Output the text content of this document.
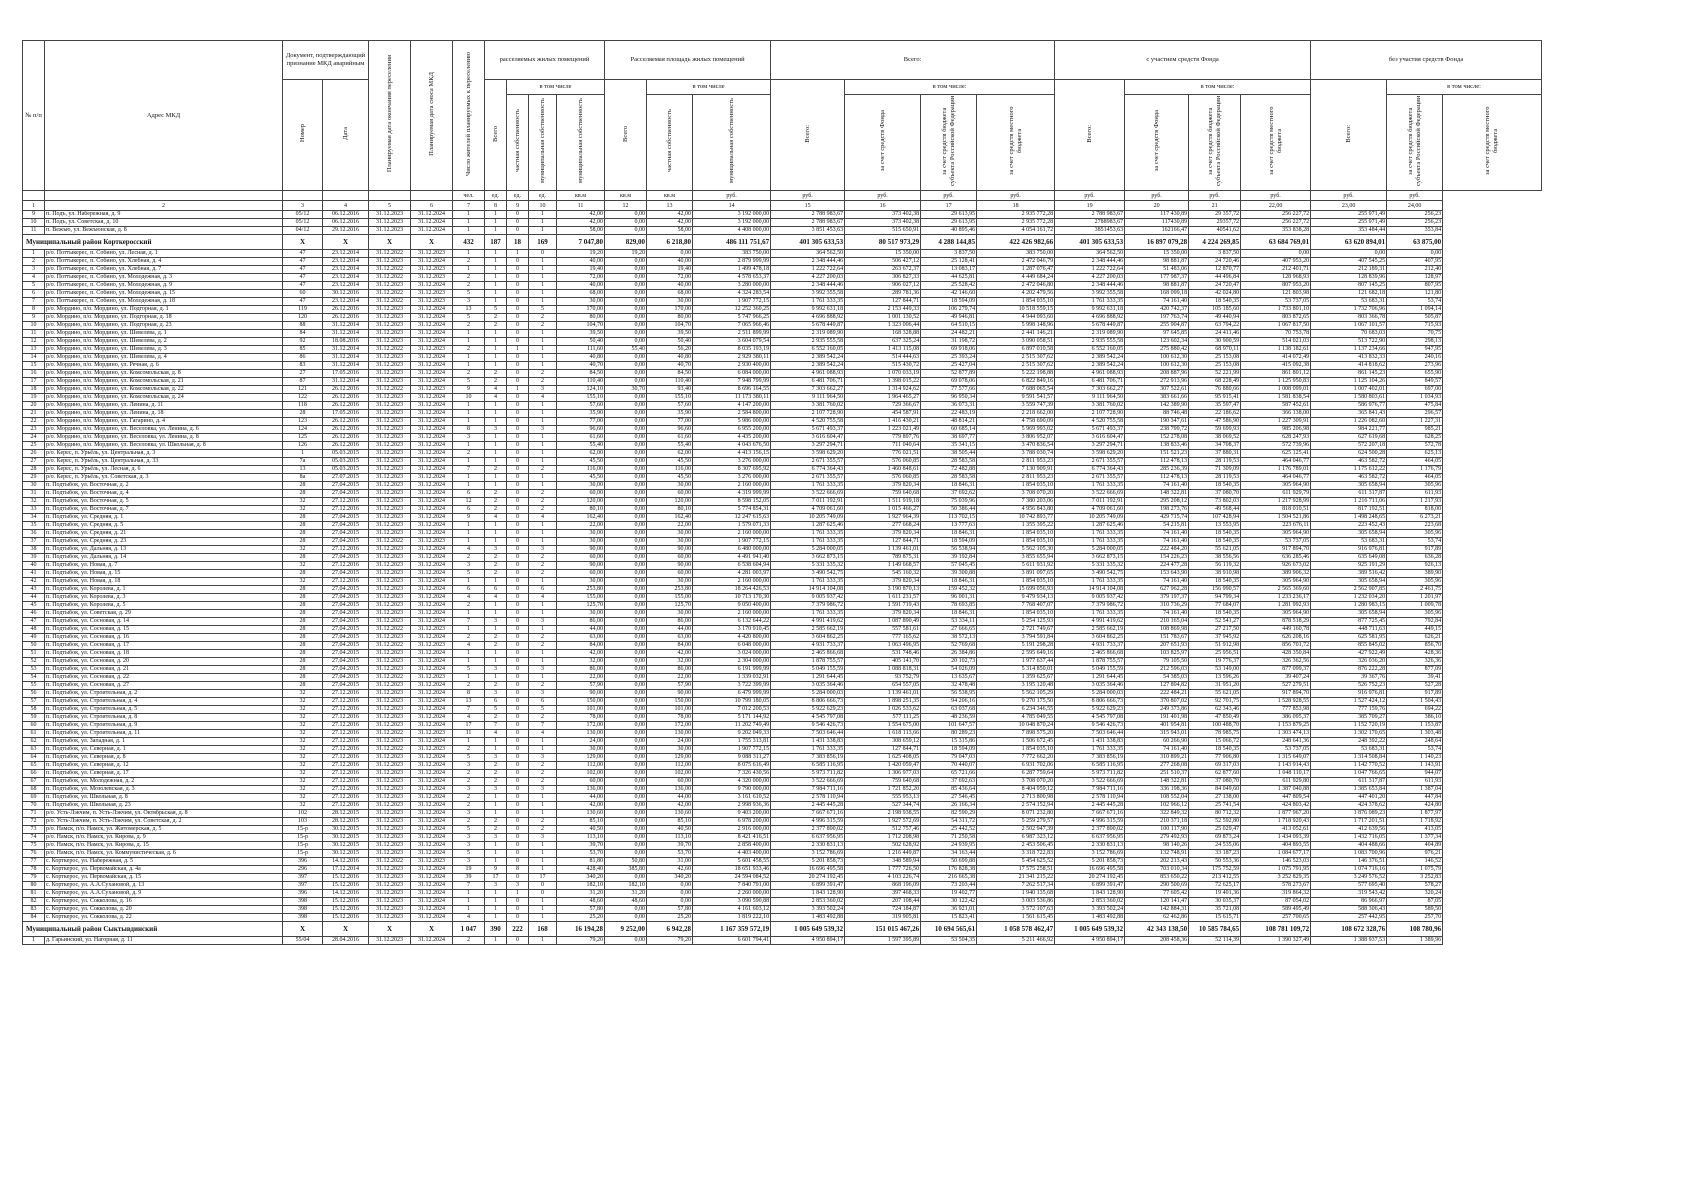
№ п/п	Адрес МКД	Документ, подтверждающий признание МКД аварийным		Планируемая дата окончания переселения	Планируемая дата сноса МКД	Число жителей планируемых к переселению	расселяемых жилых помещений				Расселяемая площадь жилых помещений			Всего:				с участием средств Фонда				без участия средств Фонда		
		Номер	Дата				Всего	в том числе			Всего	в том числе		Всего:	в том числе:			Всего:	в том числе:			Всего:	в том числе:	
								частная собственность	муниципальная собственность	муниципальная собственность		частная собственность	муниципальная собственность		за счет средств Фонда	за счет средств бюджета субъекта Российской Федерации	за счет средств местного бюджета		за счет средств Фонда	за счет средств бюджета субъекта Российской Федерации	за счет средств местного бюджета		за счет средств бюджета субъекта Российской Федерации	за счет средств местного бюджета
						чел.	ед.	ед.	ед.	кв.м	кв.м	кв.м	руб.	руб.	руб.	руб.	руб.	руб.	руб.	руб.	руб.	руб.	руб.	
1	2	3	4	5	6	7	8	9	10	11	12	13	14	15	16	17	18	19	20	21	22,00	23,00	24,00	
9	п. Подъ, ул. Набережная, д. 9	05/12	06.12.2016	31.12.2023	31.12.2024	1	1	0	1	42,00	0,00	42,00	3 192 000,00	2 788 983,67	373 402,38	29 613,95	2 935 772,28	2 788 983,67	117 430,89	29 357,72	256 227,72	255 971,49	256,23	
10	п. Подъ, ул. Советская, д. 10	05/12	06.12.2016	31.12.2023	31.12.2024	1	1	0	1	42,00	0,00	42,00	3 192 000,00	2 788 983,67	373 402,38	29 613,95	2 935 772,28	2788983,67	117430,89	29357,72	256 227,72	255 971,49	256,23	
11	п. Вежъю, ул. Вежъюнская, д. 8	04/12	29.12.2016	31.12.2023	31.12.2024	1	1	0	1	58,00	0,00	58,00	4 408 000,00	3 851 453,63	515 650,91	40 895,46	4 054 161,72	3851453,63	162166,47	40541,62	353 838,28	353 484,44	353,84	
Муниципальный район Корткеросский		X	X	X	X	432	187	18	169	7 047,80	829,00	6 218,80	486 111 751,67	401 305 633,53	80 517 973,29	4 288 144,85	422 426 982,66	401 305 633,53	16 897 079,28	4 224 269,85	63 684 769,01	63 620 894,01	63 875,00	
1	р/о. Поттыкерес, п. Собино, ул. Лесная, д. 1	47	23.12.2014	31.12.2022	31.12.2023	1	1	1	0	19,20	19,20	0,00	383 750,00	364 562,50	15 350,00	3 837,50	383 750,00	364 562,50	15 350,00	3 837,50	0,00	0,00	0,00	
2	р/о. Поттыкерес, п. Собино, ул. Хлебная, д. 4	47	23.12.2014	31.12.2023	31.12.2024	2	1	0	1	40,00	0,00	40,00	2 879 999,99	2 348 444,46	506 427,12	25 128,41	2 472 046,79	2 348 444,46	98 881,87	24 720,46	407 953,20	407 545,25	407,95	
3	р/о. Поттыкерес, п. Собино, ул. Хлебная, д. 7	47	23.12.2014	31.12.2022	31.12.2023	1	1	0	1	19,40	0,00	19,40	1 499 478,18	1 222 722,64	263 672,37	13 083,17	1 287 076,47	1 222 722,64	51 483,06	12 870,77	212 401,71	212 189,31	212,40	
4	р/о. Поттыкерес, п. Собино, ул. Молодежная, д. 3	47	23.12.2014	31.12.2022	31.12.2023	2	1	0	1	72,00	0,00	72,00	4 578 653,37	4 227 200,03	306 827,33	44 625,81	4 449 684,24	4 227 200,03	177 987,37	44 496,84	128 968,93	128 839,96	128,97	
5	р/о. Поттыкерес, п. Собино, ул. Молодежная, д. 9	47	23.12.2014	31.12.2023	31.12.2024	2	1	0	1	40,00	0,00	40,00	3 280 000,00	2 348 444,46	906 027,12	25 528,42	2 472 046,80	2 348 444,46	98 881,87	24 720,47	807 953,20	807 145,25	807,95	
6	р/о. Поттыкерес, п. Собино, ул. Молодежная, д. 15	60	30.12.2016	31.12.2022	31.12.2023	5	1	0	1	68,00	0,00	68,00	4 324 283,54	3 992 355,58	289 781,36	42 146,60	4 202 479,56	3 992 355,58	168 099,18	42 024,80	121 803,98	121 682,18	121,80	
7	р/о. Поттыкерес, п. Собино, ул. Молодежная, д. 18	47	23.12.2014	31.12.2022	31.12.2023	3	1	0	1	30,00	0,00	30,00	1 907 772,15	1 761 333,35	127 844,71	18 594,09	1 854 035,10	1 761 333,35	74 161,40	18 540,35	53 737,05	53 683,31	53,74	
8	р/о. Мордино, п/о. Мордино, ул. Подгорная, д. 1	119	26.12.2016	31.12.2023	31.12.2024	13	5	0	5	170,00	0,00	170,00	12 252 360,25	9 992 631,18	2 153 449,33	106 279,74	10 518 559,15	9 992 631,18	420 742,37	105 185,60	1 733 801,10	1 732 706,96	1 094,14	
9	р/о. Мордино, п/о. Мордино, ул. Подгорная, д. 18	120	26.12.2016	31.12.2023	31.12.2024	5	2	0	2	80,00	0,00	80,00	5 747 966,25	4 696 888,92	1 001 130,52	49 946,81	4 944 093,60	4 696 888,92	197 763,74	49 440,94	803 872,65	803 366,78	505,87	
10	р/о. Мордино, п/о. Мордино, ул. Подгорная, д. 23	88	31.12.2014	31.12.2023	31.12.2024	2	2	0	2	104,70	0,00	104,70	7 065 966,46	5 678 449,87	1 323 006,44	64 510,15	5 998 148,96	5 678 449,87	255 904,87	63 794,22	1 067 817,50	1 067 101,57	715,93	
11	р/о. Мордино, п/о. Мордино, ул. Шевелева, д. 1	84	31.12.2014	31.12.2023	31.12.2024	1	1	0	1	39,50	0,00	39,50	2 511 899,99	2 319 089,90	168 328,88	24 482,21	2 441 146,21	2 319 089,90	97 645,85	24 411,46	70 753,78	70 683,03	70,75	
12	р/о. Мордино, п/о. Мордино, ул. Шевелева, д. 2	92	18.08.2016	31.12.2023	31.12.2024	1	1	0	1	50,40	0,00	50,40	3 604 079,54	2 935 555,58	637 325,24	31 198,72	3 090 058,51	2 935 555,58	123 602,34	30 900,59	514 021,03	513 722,90	298,13	
13	р/о. Мордино, п/о. Мордино, ул. Шевелева, д. 3	85	31.12.2014	31.12.2022	31.12.2023	2	1	1	1	111,60	55,40	56,20	8 035 193,19	6 552 160,05	1 413 115,08	69 918,06	6 897 010,58	6 552 160,05	275 880,42	68 970,11	1 138 182,61	1 137 234,66	947,95	
14	р/о. Мордино, п/о. Мордино, ул. Шевелева, д. 4	86	31.12.2014	31.12.2023	31.12.2024	1	1	0	1	40,80	0,00	40,80	2 929 380,11	2 389 542,24	514 444,63	25 393,24	2 515 307,62	2 389 542,24	100 612,30	25 153,08	414 072,49	413 832,33	240,16	
15	р/о. Мордино, п/о. Мордино, ул. Речная, д. 6	83	31.12.2014	31.12.2023	31.12.2024	1	1	0	1	40,70	0,00	40,70	2 930 400,00	2 389 542,24	515 430,72	25 427,04	2 515 307,62	2 389 542,24	100 612,30	25 153,08	415 092,38	414 818,62	273,96	
16	р/о. Мордино, п/о. Мордино, ул. Комсомольская, д. 8	27	17.05.2016	31.12.2023	31.12.2024	2	2	0	2	84,50	0,00	84,50	6 084 000,00	4 961 088,93	1 070 033,19	52 877,89	5 222 198,88	4 961 088,93	208 887,96	52 221,99	861 801,12	861 145,23	655,90	
17	р/о. Мордино, п/о. Мордино, ул. Комсомольская, д. 21	87	31.12.2014	31.12.2023	31.12.2024	5	2	0	2	110,40	0,00	110,40	7 948 799,99	6 481 706,71	1 398 015,22	69 078,06	6 822 849,16	6 481 706,71	272 913,96	68 228,49	1 125 950,83	1 125 104,26	849,57	
18	р/о. Мордино, п/о. Мордино, ул. Комсомольская, д. 22	121	26.12.2016	31.12.2022	31.12.2023	9	4	1	3	124,10	30,70	93,40	8 696 164,55	7 303 662,27	1 314 924,62	77 577,66	7 688 065,54	7 303 662,27	307 522,61	76 880,66	1 008 099,01	1 007 402,01	697,00	
19	р/о. Мордино, п/о. Мордино, ул. Комсомольская, д. 24	122	26.12.2016	31.12.2023	31.12.2024	10	4	0	4	155,10	0,00	155,10	11 173 380,11	9 111 964,50	1 964 465,27	96 950,34	9 591 541,57	9 111 964,50	383 661,66	95 915,41	1 581 838,54	1 580 803,61	1 034,93	
20	р/о. Мордино, п/о. Мордино, ул. Ленина, д. 11	118	26.12.2016	31.12.2023	31.12.2024	1	1	0	1	57,60	0,00	57,60	4 147 200,00	3 381 760,02	729 366,67	36 073,31	3 559 747,39	3 381 760,02	142 389,90	35 597,47	587 452,61	586 976,77	475,84	
21	р/о. Мордино, п/о. Мордино, ул. Ленина, д. 18	28	17.05.2016	31.12.2023	31.12.2024	1	1	0	1	35,90	0,00	35,90	2 584 800,00	2 107 728,90	454 587,91	22 483,19	2 218 662,00	2 107 728,90	88 746,48	22 186,62	366 138,00	365 841,43	296,57	
22	р/о. Мордино, п/о. Мордино, ул. Гагарино, д. 4	123	26.12.2016	31.12.2023	31.12.2024	1	1	0	1	77,00	0,00	77,00	5 986 000,00	4 520 755,58	1 416 430,21	48 814,21	4 758 690,09	4 520 755,58	190 347,61	47 586,90	1 227 309,91	1 226 082,60	1 227,31	
23	р/о. Мордино, п/о. Мордино, ул. Веселовка, ул. Ленина, д. 6	124	26.12.2016	31.12.2023	31.12.2024	8	3	0	3	96,60	0,00	96,60	6 955 200,00	5 671 493,37	1 223 021,49	60 685,14	5 969 993,02	5 671 493,37	238 799,72	59 699,93	985 206,98	984 221,77	985,21	
24	р/о. Мордино, п/о. Мордино, ул. Веселовка, ул. Ленина, д. 8	125	26.12.2016	31.12.2023	31.12.2024	3	1	0	1	61,60	0,00	61,60	4 435 200,00	3 616 604,47	779 897,76	38 697,77	3 806 952,07	3 616 604,47	152 278,08	38 069,52	628 247,93	627 619,68	628,25	
25	р/о. Мордино, п/о. Мордино, ул. Веселовка, ул. Школьная, д. 8	126	26.12.2016	31.12.2023	31.12.2024	1	1	0	1	55,40	0,00	55,40	4 043 676,50	3 297 294,71	711 040,64	35 341,15	3 470 836,54	3 297 294,71	138 833,46	34 708,37	572 739,96	572 207,18	572,78	
26	р/о. Керес, п. Урьёль, ул. Центральная, д. 3	1	05.03.2015	31.12.2023	31.12.2024	2	1	0	1	62,00	0,00	62,00	4 413 156,15	3 598 629,20	776 021,51	38 505,44	3 788 030,74	3 598 629,20	151 521,23	37 880,31	625 125,41	624 500,28	625,13	
27	р/о. Керес, п. Урьёль, ул. Центральная, д. 33	7а	05.03.2015	31.12.2023	31.12.2024	1	1	0	1	45,50	0,00	45,50	3 276 000,00	2 671 355,57	576 060,85	28 583,58	2 811 953,23	2 671 355,57	112 478,13	28 119,53	464 046,77	463 582,72	464,05	
28	р/о. Керес, п. Урьёль, ул. Лесная, д. 6	13	05.03.2015	31.12.2023	31.12.2024	7	2	0	2	116,00	0,00	116,00	8 307 695,92	6 774 364,43	1 460 848,61	72 482,88	7 130 909,91	6 774 364,43	285 236,39	71 309,09	1 176 789,01	1 175 612,22	1 176,79	
29	р/о. Керес, п. Урьёль, ул. Советская, д. 3	8а	27.07.2015	31.12.2023	31.12.2024	1	1	0	1	45,50	0,00	45,50	3 276 000,00	2 671 355,57	576 060,85	28 583,58	2 811 953,23	2 671 355,57	112 478,13	28 119,53	464 046,77	463 582,72	464,05	
30	п. Подтыбок, ул. Восточная, д. 2	28	27.04.2015	31.12.2023	31.12.2024	1	1	0	1	30,00	0,00	30,00	2 160 000,00	1 761 333,35	379 820,34	18 846,31	1 854 035,10	1 761 333,35	74 161,40	18 540,35	305 964,90	305 658,94	305,96	
31	п. Подтыбок, ул. Восточная, д. 4	28	27.04.2015	31.12.2023	31.12.2024	6	2	0	2	60,00	0,00	60,00	4 319 999,99	3 522 666,69	759 640,68	37 692,62	3 708 070,20	3 522 666,69	148 322,81	37 080,70	611 929,79	611 317,87	611,93	
32	п. Подтыбок, ул. Восточная, д. 5	32	27.12.2016	31.12.2023	31.12.2024	12	2	0	2	120,00	0,00	120,00	8 598 152,05	7 011 192,91	1 511 919,18	75 039,96	7 380 203,06	7 011 192,91	295 208,12	73 802,03	1 217 928,99	1 216 711,06	1 217,93	
33	п. Подтыбок, ул. Восточная, д. 7	32	27.12.2016	31.12.2023	31.12.2024	6	2	0	2	80,10	0,00	80,10	5 774 854,31	4 709 061,60	1 015 466,27	50 386,44	4 956 843,80	4 709 061,60	198 273,76	49 568,44	818 010,51	817 192,51	818,00	
34	п. Подтыбок, ул. Средняя, д. 1	28	27.04.2015	31.12.2023	31.12.2024	9	4	0	4	162,40	0,00	162,40	12 247 615,63	10 205 749,09	1 927 964,39	113 702,15	10 742 893,77	10 205 749,09	429 715,74	107 428,94	1 504 521,86	1 498 248,65	6 273,21	
35	п. Подтыбок, ул. Средняя, д. 5	28	27.04.2015	31.12.2023	31.12.2024	1	1	0	1	22,00	0,00	22,00	1 579 071,33	1 287 625,46	277 668,24	13 777,63	1 355 395,22	1 287 625,46	54 215,81	13 553,95	223 676,11	223 452,43	223,68	
36	п. Подтыбок, ул. Средняя, д. 21	28	27.04.2015	31.12.2023	31.12.2024	1	1	0	1	30,00	0,00	30,00	2 160 000,00	1 761 333,35	379 820,34	18 846,31	1 854 035,10	1 761 333,35	74 161,40	18 540,35	305 964,90	305 658,94	305,96	
37	п. Подтыбок, ул. Средняя, д. 23	28	27.04.2015	31.12.2022	31.12.2023	1	1	0	1	30,00	0,00	30,00	1 907 772,15	1 761 333,35	127 844,71	18 594,09	1 854 035,10	1 761 333,35	74 161,40	18 540,35	53 737,05	53 683,31	53,74	
38	п. Подтыбок, ул. Дальняя, д. 13	32	27.12.2016	31.12.2023	31.12.2024	4	3	0	3	90,00	0,00	90,00	6 480 000,00	5 284 000,05	1 139 461,01	56 538,94	5 562 105,30	5 284 000,05	222 484,20	55 621,05	917 894,70	916 976,81	917,89	
39	п. Подтыбок, ул. Дальняя, д. 14	28	27.04.2015	31.12.2023	31.12.2024	2	2	0	2	60,00	0,00	60,00	4 491 941,40	3 662 873,15	789 875,31	39 192,84	3 855 655,94	3 662 873,15	154 226,23	38 556,56	636 285,46	635 649,08	636,28	
40	п. Подтыбок, ул. Новая, д. 7	32	27.12.2016	31.12.2023	31.12.2024	3	2	0	2	90,00	0,00	90,00	6 538 604,94	5 331 335,32	1 149 668,57	57 045,45	5 611 931,92	5 331 335,32	224 477,28	56 119,32	926 673,02	925 191,29	926,13	
41	п. Подтыбок, ул. Новая, д. 15	28	27.04.2015	31.12.2023	31.12.2024	5	2	0	2	60,00	0,00	60,00	4 281 003,97	3 490 542,75	545 160,32	39 300,88	3 891 097,65	3 490 542,75	153 643,90	38 910,98	389 906,32	389 516,42	389,90	
42	п. Подтыбок, ул. Новая, д. 18	32	27.12.2016	31.12.2023	31.12.2024	1	1	0	1	30,00	0,00	30,00	2 160 000,00	1 761 333,35	379 820,34	18 846,31	1 854 035,10	1 761 333,35	74 161,40	18 540,35	305 964,90	305 658,94	305,96	
43	п. Подтыбок, ул. Королева, д. 1	28	27.04.2015	31.12.2023	31.12.2024	6	6	0	6	253,80	0,00	253,80	18 264 426,53	14 914 104,08	3 190 870,13	159 452,32	15 699 056,93	14 914 104,08	627 962,28	156 990,57	2 565 369,60	2 562 907,85	2 461,75	
44	п. Подтыбок, ул. Королева, д. 3	28	27.04.2015	31.12.2023	31.12.2024	4	4	0	4	155,00	0,00	155,00	10 713 170,30	9 005 937,42	1 611 231,57	96 001,31	9 479 934,13	9 005 937,42	379 197,37	94 799,34	1 233 236,17	1 232 034,20	1 201,97	
45	п. Подтыбок, ул. Королева, д. 5	28	27.04.2015	31.12.2023	31.12.2024	2	1	0	1	125,70	0,00	125,70	9 050 400,00	7 379 986,72	1 591 719,43	78 693,85	7 768 407,07	7 379 986,72	310 736,29	77 684,07	1 281 992,93	1 280 983,15	1 009,78	
46	п. Подтыбок, ул. Советская, д. 29	28	27.04.2015	31.12.2023	31.12.2024	1	1	0	1	30,00	0,00	30,00	2 160 000,00	1 761 333,35	379 820,34	18 846,31	1 854 035,10	1 761 333,35	74 161,40	18 540,35	305 964,90	305 658,94	305,96	
47	п. Подтыбок, ул. Сосновая, д. 14	28	27.04.2015	31.12.2023	31.12.2024	7	3	0	3	86,00	0,00	86,00	6 132 644,22	4 991 419,62	1 087 890,49	53 334,11	5 254 125,93	4 991 419,62	210 165,04	52 541,27	878 518,29	877 725,45	792,84	
48	п. Подтыбок, ул. Сосновая, д. 15	28	27.04.2015	31.12.2022	31.12.2023	1	1	0	1	44,00	0,00	44,00	3 170 910,45	2 585 662,19	557 581,61	27 666,65	2 721 749,67	2 585 662,19	108 869,98	27 217,50	449 160,78	448 711,63	449,15	
49	п. Подтыбок, ул. Сосновая, д. 16	28	27.04.2015	31.12.2023	31.12.2024	2	2	0	2	63,00	0,00	63,00	4 420 800,00	3 604 862,25	777 165,62	38 572,13	3 794 591,84	3 604 862,25	151 783,67	37 945,92	626 208,16	625 581,95	626,21	
50	п. Подтыбок, ул. Сосновая, д. 17	28	27.04.2015	31.12.2022	31.12.2023	4	2	0	2	84,00	0,00	84,00	6 048 000,00	4 931 733,37	1 063 496,95	52 769,68	5 191 298,28	4 931 733,37	207 651,93	51 912,98	856 701,72	855 845,02	856,70	
51	п. Подтыбок, ул. Сосновая, д. 18	28	27.04.2015	31.12.2023	31.12.2024	1	1	0	1	42,00	0,00	42,00	3 024 000,00	2 465 866,68	531 748,46	26 384,86	2 595 649,16	2 465 866,68	103 825,97	25 956,51	428 350,84	427 922,49	428,36	
52	п. Подтыбок, ул. Сосновая, д. 20	28	27.04.2015	31.12.2023	31.12.2024	1	1	0	1	32,00	0,00	32,00	2 304 000,00	1 878 755,57	405 141,70	20 102,73	1 977 637,44	1 878 755,57	79 105,50	19 776,37	326 362,56	326 036,20	326,36	
53	п. Подтыбок, ул. Сосновая, д. 21	28	27.04.2015	31.12.2023	31.12.2024	5	3	0	3	86,00	0,00	86,00	6 191 999,99	5 049 155,59	1 088 818,31	54 026,09	5 314 850,01	5 049 155,59	212 596,03	53 149,00	877 099,37	876 222,28	877,09	
54	п. Подтыбок, ул. Сосновая, д. 22	28	27.04.2015	31.12.2022	31.12.2023	1	1	0	1	22,00	0,00	22,00	1 339 032,91	1 291 644,45	93 752,79	13 635,67	1 359 625,67	1 291 644,45	54 385,03	13 596,26	39 407,24	39 367,76	39,41	
55	п. Подтыбок, ул. Сосновая, д. 27	28	27.04.2015	31.12.2023	31.12.2024	2	2	0	2	57,90	0,00	57,90	3 722 399,99	3 035 364,46	654 557,05	32 478,48	3 195 120,48	3 035 364,46	127 804,82	31 951,20	527 279,51	526 752,23	527,28	
56	п. Подтыбок, ул. Строительная, д. 2	32	27.12.2016	31.12.2023	31.12.2024	8	3	0	3	90,00	0,00	90,00	6 479 999,99	5 284 000,03	1 139 461,01	56 538,95	5 562 105,29	5 284 000,03	222 484,21	55 621,05	917 894,70	916 976,81	917,89	
57	п. Подтыбок, ул. Строительная, д. 4	32	27.12.2016	31.12.2023	31.12.2024	13	6	0	6	150,00	0,00	150,00	10 799 180,05	8 806 666,73	1 898 251,35	94 206,16	9 270 175,50	8 806 666,73	370 807,02	92 701,75	1 528 928,55	1 527 424,12	1 504,43	
58	п. Подтыбок, ул. Строительная, д. 5	32	27.12.2016	31.12.2023	31.12.2024	7	5	0	5	101,00	0,00	101,00	7 012 200,53	5 922 629,23	1 026 533,62	63 037,68	6 234 346,55	5 922 629,23	249 373,86	62 343,46	777 853,98	777 159,76	694,22	
59	п. Подтыбок, ул. Строительная, д. 8	32	27.12.2016	31.12.2023	31.12.2024	4	2	0	2	78,00	0,00	78,00	5 171 144,92	4 545 797,08	577 111,25	48 236,59	4 785 049,55	4 545 797,08	191 401,98	47 850,49	386 095,37	385 709,27	386,10	
60	п. Подтыбок, ул. Строительная, д. 9	32	27.12.2016	31.12.2023	31.12.2024	17	7	0	7	172,00	0,00	172,00	11 202 749,49	9 546 426,73	1 554 675,00	101 647,57	10 048 870,24	9 546 426,73	401 954,81	100 488,70	1 153 879,25	1 152 720,19	1 153,87	
61	п. Подтыбок, ул. Строительная, д. 11	32	27.12.2016	31.12.2022	31.12.2023	11	4	0	4	130,00	0,00	130,00	9 202 049,33	7 503 646,44	1 618 113,66	80 289,23	7 898 575,20	7 503 646,44	315 943,01	78 985,75	1 303 474,13	1 302 170,65	1 303,48	
62	п. Подтыбок, ул. Западная, д. 1	32	27.12.2016	31.12.2023	31.12.2024	1	1	0	1	24,00	0,00	24,00	1 755 313,81	1 431 338,83	308 659,12	15 315,86	1 506 672,45	1 431 338,83	60 266,90	15 066,72	248 641,36	248 392,22	248,64	
63	п. Подтыбок, ул. Северная, д. 1	32	27.12.2016	31.12.2022	31.12.2023	2	1	0	1	30,00	0,00	30,00	1 907 772,15	1 761 333,35	127 844,71	18 594,09	1 854 035,10	1 761 333,35	74 161,40	18 540,35	53 737,05	53 683,31	53,74	
64	п. Подтыбок, ул. Северная, д. 8	32	27.12.2016	31.12.2023	31.12.2024	5	3	0	3	129,00	0,00	129,00	9 088 311,27	7 383 856,19	1 625 408,05	79 047,03	7 772 662,20	7 383 856,19	310 899,21	77 906,80	1 315 649,07	1 314 508,84	1 140,23	
65	п. Подтыбок, ул. Северная, д. 12	32	27.12.2016	31.12.2023	31.12.2024	3	2	0	2	112,00	0,00	112,00	8 075 616,49	6 585 116,95	1 420 059,47	70 440,07	6 931 702,06	6 585 116,95	277 268,08	69 317,03	1 143 914,43	1 142 770,52	1 143,91	
66	п. Подтыбок, ул. Северная, д. 17	32	27.12.2016	31.12.2023	31.12.2024	2	2	0	2	102,00	0,00	102,00	7 326 430,56	5 973 711,82	1 306 977,03	65 721,66	6 287 759,64	5 973 711,82	251 510,37	62 877,60	1 048 110,17	1 047 766,65	944,07	
67	п. Подтыбок, ул. Молодежная, д. 2	32	27.12.2016	31.12.2023	31.12.2024	2	2	0	2	60,00	0,00	60,00	4 320 000,00	3 522 666,69	759 640,68	37 692,63	3 708 070,20	3 522 666,69	148 322,81	37 080,70	611 929,80	611 317,87	611,93	
68	п. Подтыбок, ул. Мозолевская, д. 3	32	27.12.2016	31.12.2023	31.12.2024	3	3	0	3	136,00	0,00	136,00	9 790 000,00	7 984 711,16	1 721 852,20	85 436,64	8 404 959,12	7 984 711,16	336 198,36	84 049,60	1 387 040,88	1 385 653,84	1 387,04	
69	п. Подтыбок, ул. Школьная, д. 8	32	27.12.2016	31.12.2023	31.12.2024	2	1	0	1	44,00	0,00	44,00	3 161 610,52	2 578 110,94	555 953,13	27 546,45	2 713 800,98	2 578 110,94	108 552,04	27 138,00	447 809,54	447 401,20	447,84	
70	п. Подтыбок, ул. Школьная, д. 23	32	27.12.2016	31.12.2023	31.12.2024	2	1	0	1	42,00	0,00	42,00	2 998 936,36	2 445 445,28	527 344,74	26 166,34	2 574 152,94	2 445 445,28	102 966,12	25 741,54	424 803,42	424 378,62	424,80	
71	р/о. Усть-Лэкчим, п. Усть-Лэкчим, ул. Октябрьская, д. 8	102	28.12.2015	31.12.2023	31.12.2024	3	1	0	1	130,60	0,00	130,60	9 403 200,00	7 667 671,16	2 198 938,55	82 590,29	8 071 232,80	7 667 671,16	322 849,32	80 712,32	1 877 967,20	1 876 089,23	1 877,97	
72	р/о. Усть-Лэкчим, п. Усть-Лэкчим, ул. Советская, д. 2	103	28.12.2015	31.12.2023	31.12.2024	2	2	0	2	85,10	0,00	85,10	6 978 200,00	4 996 315,59	1 927 572,69	54 311,72	5 259 279,57	4 996 315,59	210 371,18	52 592,80	1 718 920,43	1 717 201,51	1 718,92	
73	р/о. Намск, п/о. Намск, ул. Житомерская, д. 5	15-р	30.12.2015	31.12.2023	31.12.2024	5	2	0	2	40,50	0,00	40,50	2 916 000,00	2 377 800,02	512 757,46	25 442,52	2 502 947,39	2 377 800,02	100 117,90	25 029,47	413 052,61	412 639,56	413,05	
74	р/о. Намск, п/о. Намск, ул. Кирова, д. 9	15-р	30.12.2015	31.12.2023	31.12.2024	3	3	0	3	113,10	0,00	113,10	8 421 416,51	6 637 956,95	1 712 208,98	71 250,58	6 987 323,12	6 637 956,95	279 492,93	69 873,24	1 434 093,39	1 432 716,05	1 377,34	
75	р/о. Намск, п/о. Намск, ул. Кирова, д. 15	15-р	30.12.2015	31.12.2023	31.12.2024	3	1	0	1	39,70	0,00	39,70	2 858 400,00	2 330 831,13	502 628,92	24 939,95	2 453 506,45	2 330 831,13	98 140,26	24 535,06	404 893,55	404 488,66	404,89	
76	р/о. Намск, п/о. Намск, ул. Коммунистическая, д. 6	15-р	30.12.2015	31.12.2023	31.12.2024	5	1	0	1	53,70	0,00	53,70	4 403 400,00	3 152 786,69	1 216 449,87	34 163,44	3 318 722,83	3 152 786,69	132 748,91	33 187,23	1 084 677,17	1 083 700,96	976,21	
77	с. Корткерос, ул. Набережная, д. 5	396	14.12.2016	31.12.2022	31.12.2023	3	1	0	1	81,80	50,80	31,00	5 601 458,55	5 201 858,73	348 589,94	50 699,88	5 454 625,52	5 201 858,73	202 213,43	50 553,36	146 523,03	146 376,51	146,52	
78	с. Корткерос, ул. Первомайская, д. 4а	296	17.12.2014	31.12.2023	31.12.2024	19	9	8	1	428,40	385,80	42,60	18 651 933,46	16 696 495,58	1 777 726,50	176 828,38	17 575 258,51	16 696 495,58	703 010,34	175 752,59	1 075 791,95	1 074 716,16	1 075,79	
79	с. Корткерос, ул. Первомайская, д. 15	397	15.12.2016	31.12.2023	31.12.2024	39	17	0	17	340,20	0,00	340,20	24 594 084,52	20 274 192,45	4 103 226,74	216 665,38	21 341 215,22	20 274 192,45	853 650,22	213 412,55	3 252 829,35	3 249 576,52	3 252,83	
80	с. Корткерос, ул. А.А.Сухановой, д. 13	397	15.12.2016	31.12.2023	31.12.2024	7	3	3	0	182,10	182,10	0,00	7 840 791,00	6 899 391,47	868 196,09	73 203,44	7 262 517,34	6 899 391,47	290 500,69	72 625,17	578 273,67	577 695,40	578,27	
81	с. Корткерос, ул. А.А.Сухановой, д. 9	396	14.12.2016	31.12.2023	31.12.2024	1	1	1	0	31,20	31,20	0,00	2 260 000,00	1 843 128,90	397 468,33	19 402,77	1 940 135,68	1 843 128,90	77 605,42	19 401,36	319 864,32	319 543,42	320,24	
82	с. Корткерос, ул. Сокколова, д. 16	398	15.12.2016	31.12.2023	31.12.2024	1	1	0	1	48,60	48,60	0,00	3 090 590,88	2 853 360,02	207 108,44	30 122,42	3 003 536,86	2 853 360,02	120 141,47	30 035,37	87 054,02	86 966,97	87,05	
83	с. Корткерос, ул. Сокколова, д. 20	398	15.12.2016	31.12.2023	31.12.2024	1	1	0	1	57,80	0,00	57,80	4 161 603,12	3 393 502,24	724 184,87	36 921,01	3 572 107,63	3 393 502,24	142 884,31	35 721,08	589 495,49	588 306,43	589,50	
84	с. Корткерос, ул. Сокколова, д. 22	398	15.12.2016	31.12.2023	31.12.2024	4	1	0	1	25,20	0,00	25,20	1 819 222,10	1 483 492,88	319 905,81	15 823,41	1 561 615,45	1 483 492,88	62 462,86	15 615,71	257 700,65	257 442,95	257,70	
Муниципальный район Сыктывдинский		X	X	X	X	1 047	390	222	168	16 194,28	9 252,00	6 942,28	1 167 359 572,19	1 005 649 539,32	151 015 467,26	10 694 565,61	1 058 578 462,47	1 005 649 539,32	42 343 138,50	10 585 784,65	108 781 109,72	108 672 328,76	108 780,96	
1	д. Гарьинский, ул. Нагорная, д. 11	55/04	28.04.2016	31.12.2023	31.12.2024	2	1	0	1	79,20	0,00	79,20	6 601 794,41	4 950 894,17	1 597 395,89	53 504,35	5 211 466,92	4 950 894,17	208 458,36	52 114,39	1 390 327,49	1 388 937,53	1 389,96	
